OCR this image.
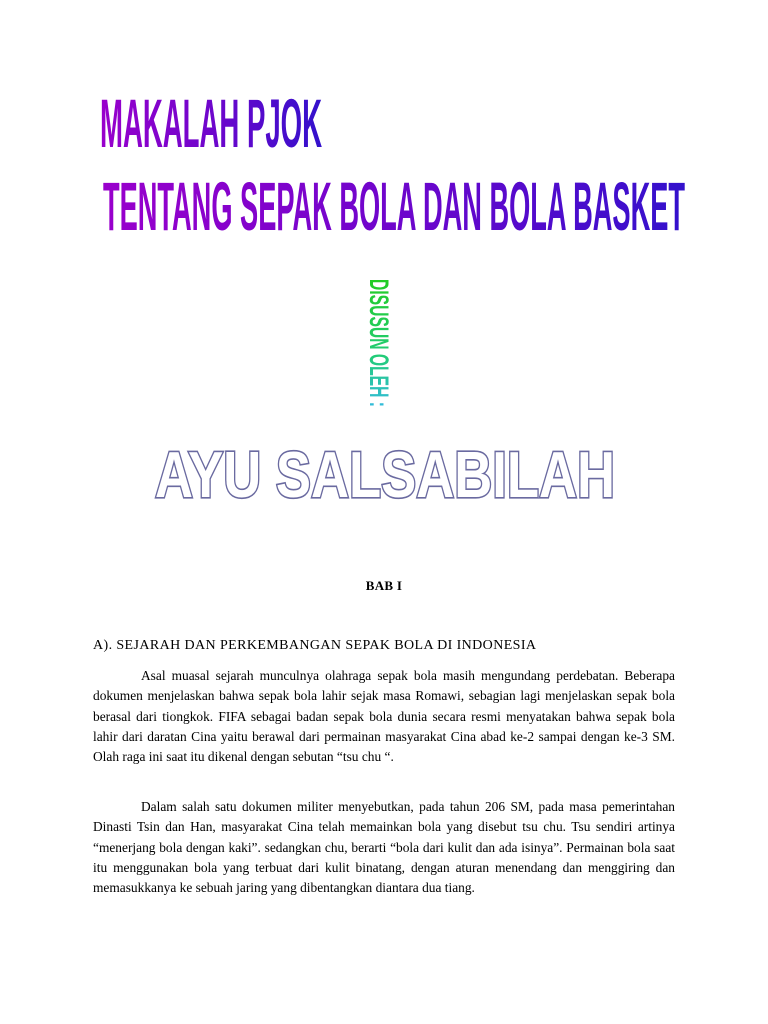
MAKALAH PJOK
TENTANG SEPAK BOLA DAN BOLA BASKET
DISUSUN OLEH :
AYU SALSABILAH
BAB I
A). SEJARAH DAN PERKEMBANGAN SEPAK BOLA DI INDONESIA

Asal muasal sejarah munculnya olahraga sepak bola masih mengundang perdebatan. Beberapa dokumen menjelaskan bahwa sepak bola lahir sejak masa Romawi, sebagian lagi menjelaskan sepak bola berasal dari tiongkok. FIFA sebagai badan sepak bola dunia secara resmi menyatakan bahwa sepak bola lahir dari daratan Cina yaitu berawal dari permainan masyarakat Cina abad ke-2 sampai dengan ke-3 SM. Olah raga ini saat itu dikenal dengan sebutan “tsu chu “.

Dalam salah satu dokumen militer menyebutkan, pada tahun 206 SM, pada masa pemerintahan Dinasti Tsin dan Han, masyarakat Cina telah memainkan bola yang disebut tsu chu. Tsu sendiri artinya “menerjang bola dengan kaki”. sedangkan chu, berarti “bola dari kulit dan ada isinya”. Permainan bola saat itu menggunakan bola yang terbuat dari kulit binatang, dengan aturan menendang dan menggiring dan memasukkanya ke sebuah jaring yang dibentangkan diantara dua tiang.
